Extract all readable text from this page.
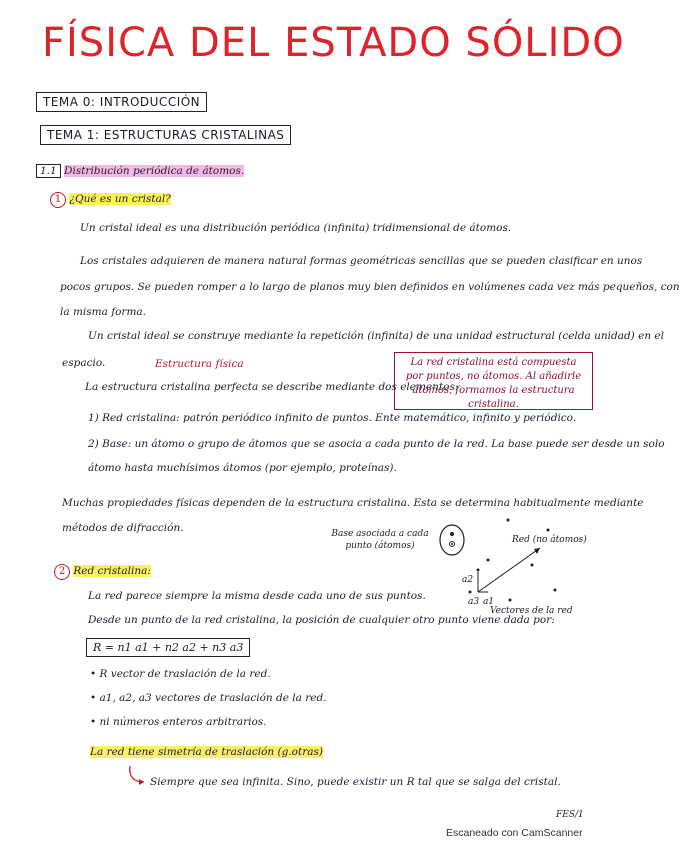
FÍSICA DEL ESTADO SÓLIDO
TEMA 0: INTRODUCCIÓN
TEMA 1: ESTRUCTURAS CRISTALINAS
1.1 Distribución periódica de átomos.
1 ¿Qué es un cristal?
Un cristal ideal es una distribución periódica (infinita) tridimensional de átomos.
Los cristales adquieren de manera natural formas geométricas sencillas que se pueden clasificar en unos
pocos grupos. Se pueden romper a lo largo de planos muy bien definidos en volúmenes cada vez más pequeños, con
la misma forma.
Un cristal ideal se construye mediante la repetición (infinita) de una unidad estructural (celda unidad) en el
espacio.	Estructura física
La estructura cristalina perfecta se describe mediante dos elementos:
La red cristalina está compuesta por puntos, no átomos. Al añadirle átomos, formamos la estructura cristalina.
1) Red cristalina: patrón periódico infinito de puntos. Ente matemático, infinito y periódico.
2) Base: un átomo o grupo de átomos que se asocia a cada punto de la red. La base puede ser desde un solo
átomo hasta muchísimos átomos (por ejemplo, proteínas).
Muchas propiedades físicas dependen de la estructura cristalina. Esta se determina habitualmente mediante
métodos de difracción.	Base asociada a cada punto (átomos)
Red (no átomos)
a2
a3 a1
Vectores de la red
2 Red cristalina:
La red parece siempre la misma desde cada uno de sus puntos.
Desde un punto de la red cristalina, la posición de cualquier otro punto viene dada por:
R = n1 a1 + n2 a2 + n3 a3
• R vector de traslación de la red.
• a1, a2, a3 vectores de traslación de la red.
• ni números enteros arbitrarios.
La red tiene simetría de traslación (g.otras)
Siempre que sea infinita. Sino, puede existir un R tal que se salga del cristal.
FES/1
Escaneado con CamScanner
